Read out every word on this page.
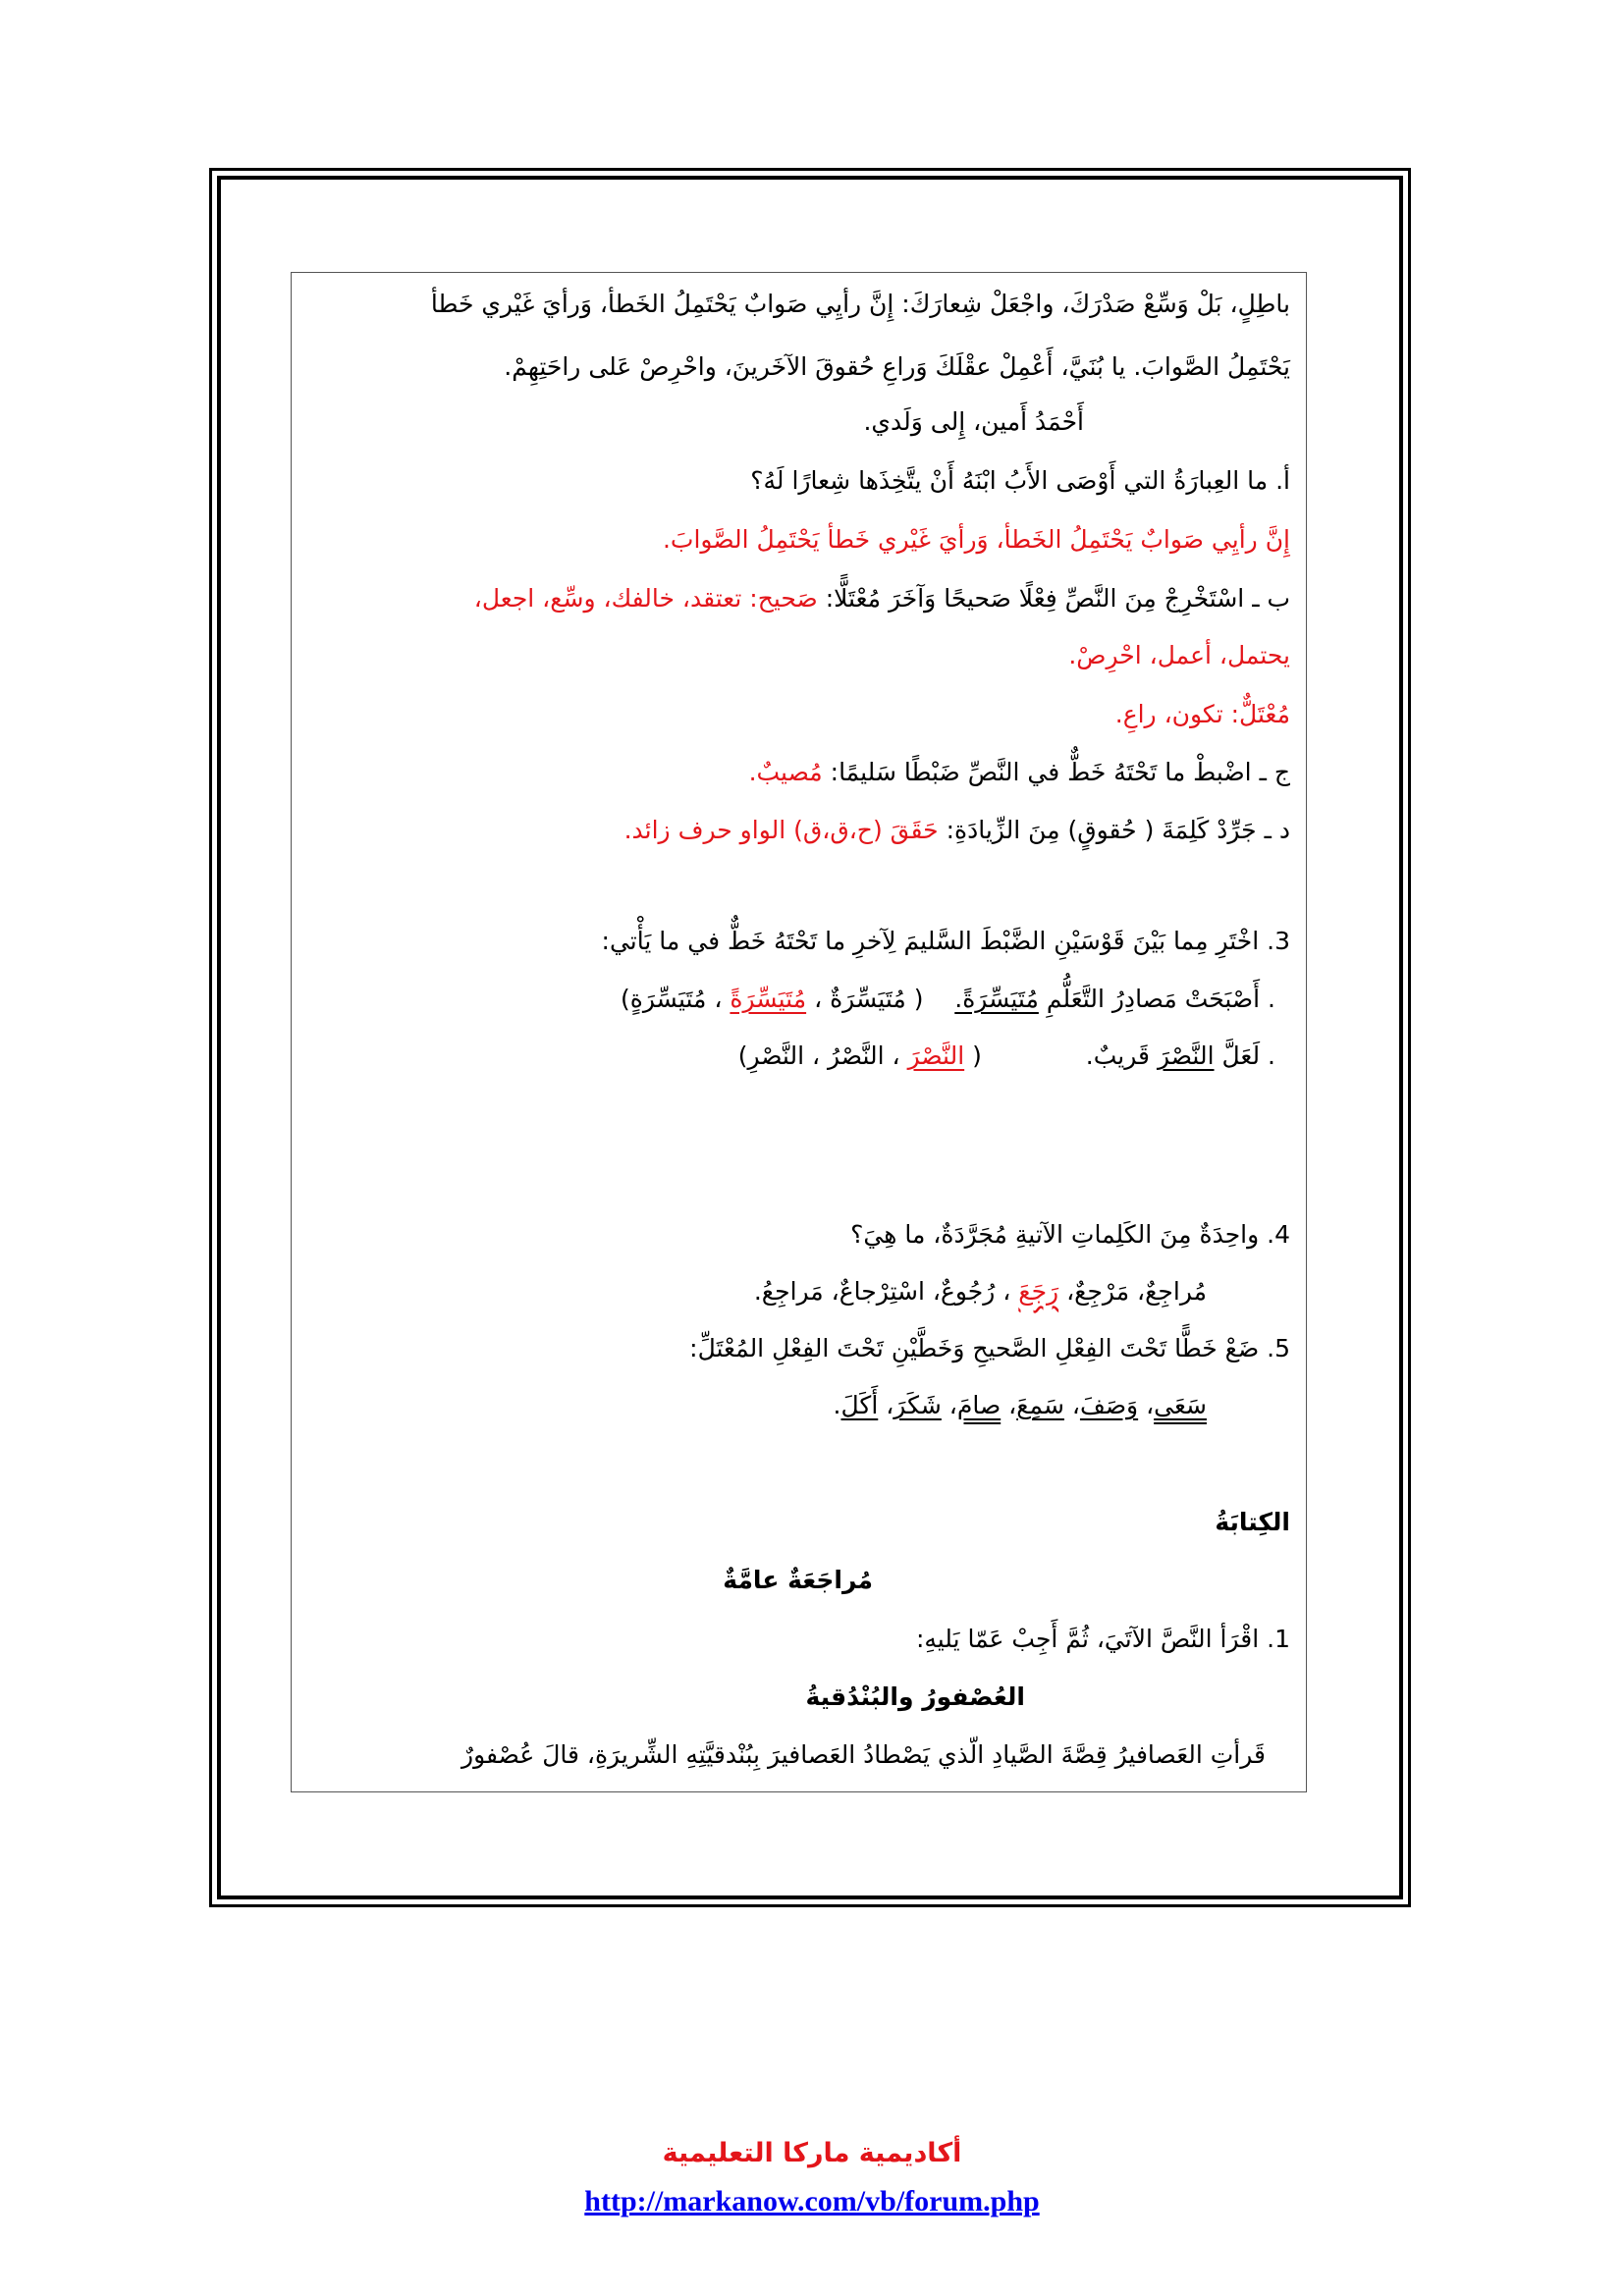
باطِلٍ، بَلْ وَسِّعْ صَدْرَكَ، واجْعَلْ شِعارَكَ: إِنَّ رأيِي صَوابٌ يَحْتَمِلُ الخَطأ، وَرأيَ غَيْري خَطأ
يَحْتَمِلُ الصَّوابَ. يا بُنَيَّ، أَعْمِلْ عقْلَكَ وَراعِ حُقوقَ الآخَرينَ، واحْرِصْ عَلى راحَتِهِمْ.
أَحْمَدُ أَمين، إِلى وَلَدي.
أ. ما العِبارَةُ التي أَوْصَى الأَبُ ابْنَهُ أَنْ يتَّخِذَها شِعارًا لَهُ؟
إِنَّ رأيِي صَوابٌ يَحْتَمِلُ الخَطأ، وَرأيَ غَيْري خَطأ يَحْتَمِلُ الصَّوابَ.
ب ـ اسْتَخْرِجْ مِنَ النَّصِّ فِعْلًا صَحيحًا وَآخَرَ مُعْتَلًّا: صَحيح: تعتقد، خالفك، وسِّع، اجعل،
يحتمل، أعمل، احْرِصْ.
مُعْتَلٌّ: تكون، راعِ.
ج ـ اضْبطْ ما تَحْتَهُ خَطٌّ في النَّصِّ ضَبْطًا سَليمًا: مُصيبٌ.
د ـ جَرِّدْ كَلِمَةَ ( حُقوقٍ) مِنَ الزِّيادَةِ: حَقَقَ (ح،ق،ق) الواو حرف زائد.
3. اخْتَرِ مِما بَيْنَ قَوْسَيْنِ الضَّبْطَ السَّليمَ لِآخرِ ما تَحْتَهُ خَطٌّ في ما يَأْتي:
. أَصْبَحَتْ مَصادِرُ التَّعَلُّمِ مُتَيَسِّرَةً.    ( مُتَيَسِّرَةٌ ، مُتَيَسِّرَةً ، مُتَيَسِّرَةٍ)
. لَعَلَّ النَّصْرَ قَريبٌ.  ( النَّصْرَ ، النَّصْرُ ، النَّصْرِ)
4. واحِدَةٌ مِنَ الكَلِماتِ الآتيةِ مُجَرَّدَةٌ، ما هِيَ؟
مُراجِعٌ، مَرْجِعٌ، رَجَعَ ، رُجُوعٌ، اسْتِرْجاعٌ، مَراجِعُ.
5. ضَعْ خَطًّا تَحْتَ الفِعْلِ الصَّحيحِ وَخَطَّيْنِ تَحْتَ الفِعْلِ المُعْتَلِّ:
سَعَى، وَصَفَ، سَمِعَ، صامَ، شَكَرَ، أَكَلَ.
الكِتابَةُ
مُراجَعَةٌ عامَّةٌ
1. اقْرَأ النَّصَّ الآتَيَ، ثُمَّ أَجِبْ عَمّا يَليهِ:
العُصْفورُ والبُنْدُقيةُ
قَرأتِ العَصافيرُ قِصَّةَ الصَّيادِ الّذي يَصْطادُ العَصافيرَ بِبُنْدقيَّتِهِ الشِّريرَةِ، قالَ عُصْفورٌ
أكاديمية ماركا التعليمية
http://markanow.com/vb/forum.php
